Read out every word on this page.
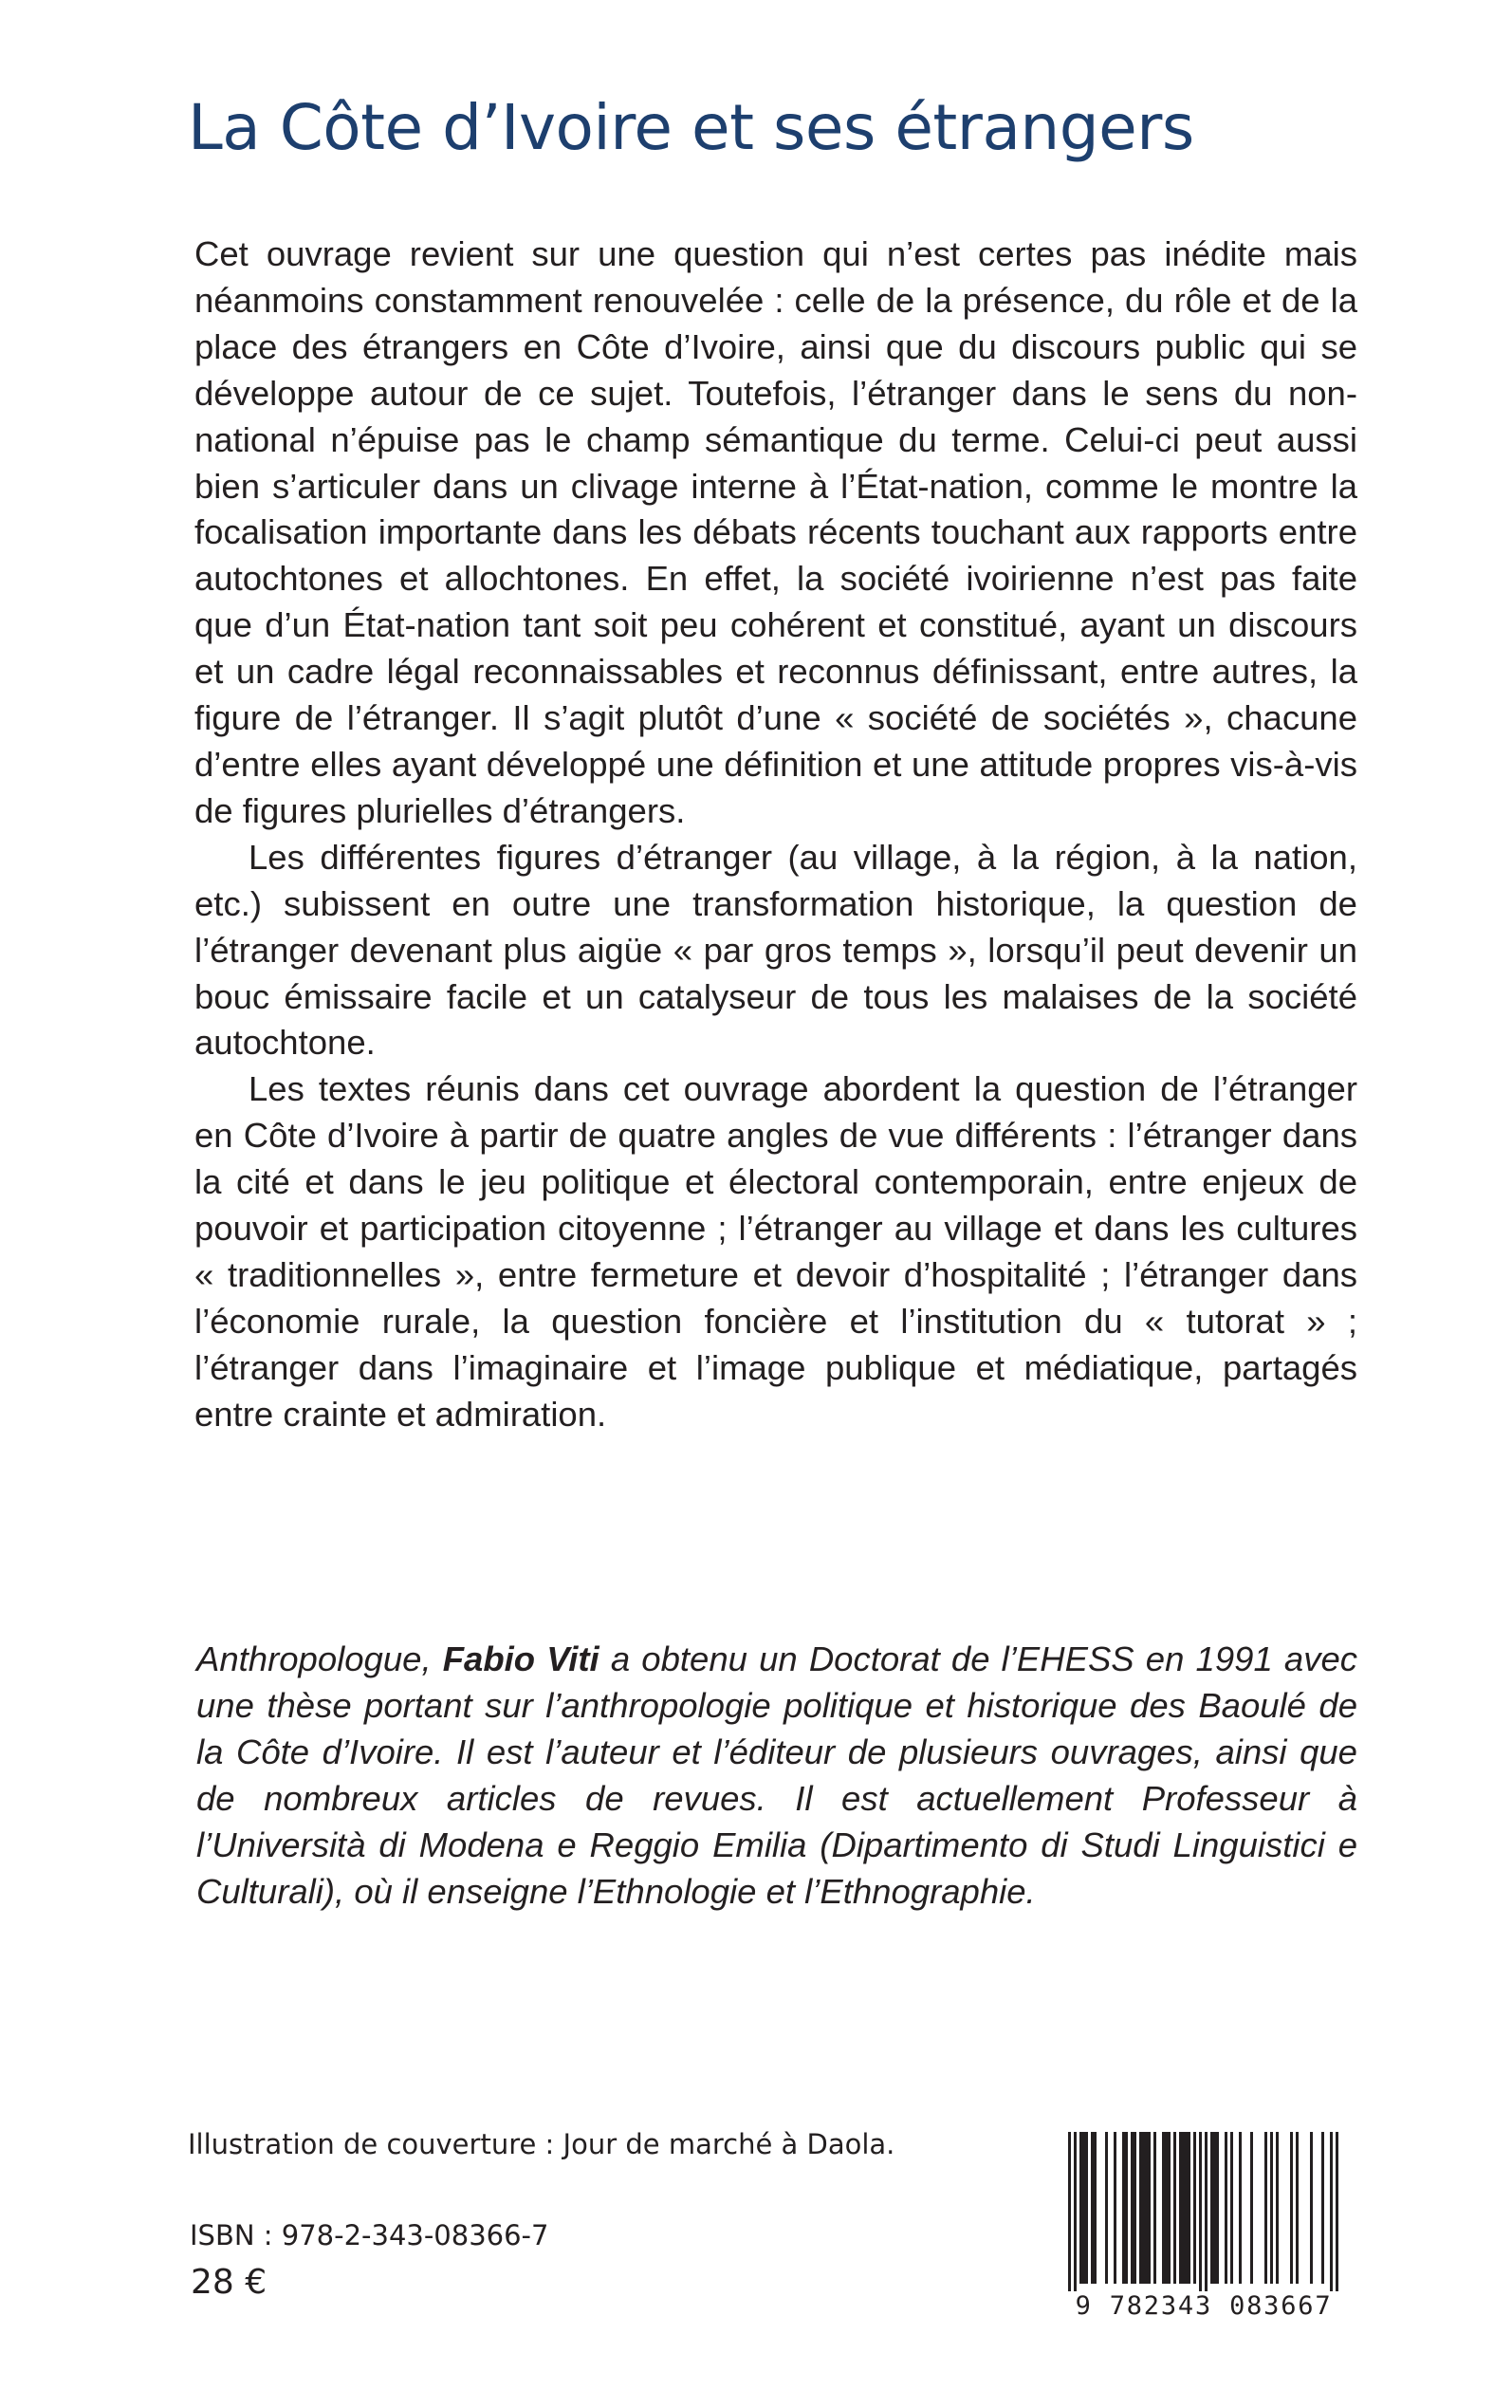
La Côte d’Ivoire et ses étrangers

Cet ouvrage revient sur une question qui n’est certes pas inédite mais néanmoins constamment renouvelée : celle de la présence, du rôle et de la place des étrangers en Côte d’Ivoire, ainsi que du discours public qui se développe autour de ce sujet. Toutefois, l’étranger dans le sens du non-national n’épuise pas le champ sémantique du terme. Celui-ci peut aussi bien s’articuler dans un clivage interne à l’État-nation, comme le montre la focalisation importante dans les débats récents touchant aux rapports entre autochtones et allochtones. En effet, la société ivoirienne n’est pas faite que d’un État-nation tant soit peu cohérent et constitué, ayant un discours et un cadre légal reconnaissables et reconnus définissant, entre autres, la figure de l’étranger. Il s’agit plutôt d’une « société de sociétés », chacune d’entre elles ayant développé une définition et une attitude propres vis-à-vis de figures plurielles d’étrangers.

Les différentes figures d’étranger (au village, à la région, à la nation, etc.) subissent en outre une transformation historique, la question de l’étranger devenant plus aigüe « par gros temps », lorsqu’il peut devenir un bouc émissaire facile et un catalyseur de tous les malaises de la société autochtone.

Les textes réunis dans cet ouvrage abordent la question de l’étranger en Côte d’Ivoire à partir de quatre angles de vue différents : l’étranger dans la cité et dans le jeu politique et électoral contemporain, entre enjeux de pouvoir et participation citoyenne ; l’étranger au village et dans les cultures « traditionnelles », entre fermeture et devoir d’hospitalité ; l’étranger dans l’économie rurale, la question foncière et l’institution du « tutorat » ; l’étranger dans l’imaginaire et l’image publique et médiatique, partagés entre crainte et admiration.

Anthropologue, Fabio Viti a obtenu un Doctorat de l’EHESS en 1991 avec une thèse portant sur l’anthropologie politique et historique des Baoulé de la Côte d’Ivoire. Il est l’auteur et l’éditeur de plusieurs ouvrages, ainsi que de nombreux articles de revues. Il est actuellement Professeur à l’Università di Modena e Reggio Emilia (Dipartimento di Studi Linguistici e Culturali), où il enseigne l’Ethnologie et l’Ethnographie.

Illustration de couverture : Jour de marché à Daola.

ISBN : 978-2-343-08366-7

28 €

9 782343 083667
